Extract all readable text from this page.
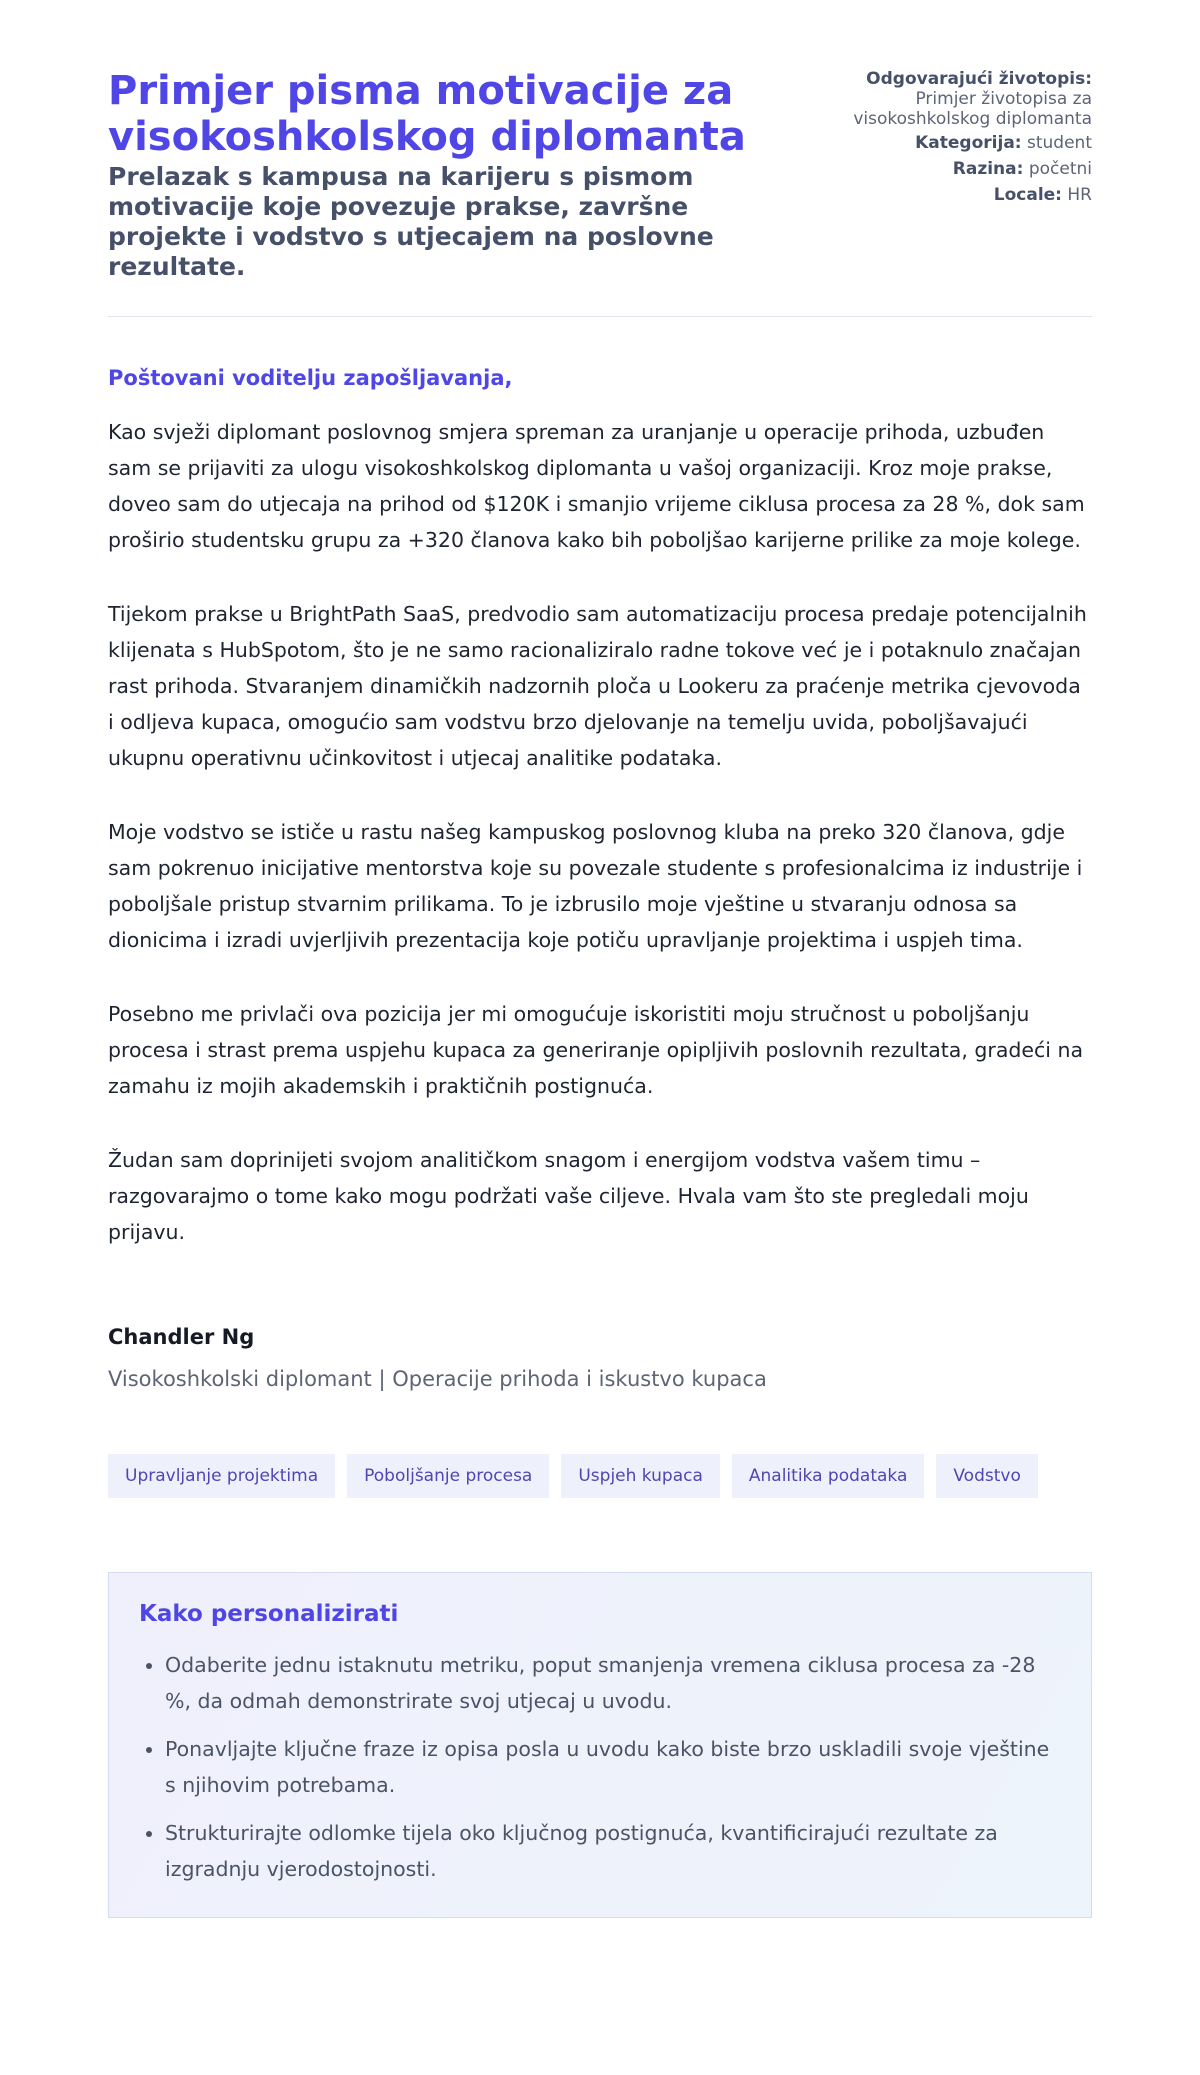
Primjer pisma motivacije za visokoshkolskog diplomanta

Prelazak s kampusa na karijeru s pismom motivacije koje povezuje prakse, završne projekte i vodstvo s utjecajem na poslovne rezultate.

Odgovarajući životopis:
Primjer životopisa za visokoshkolskog diplomanta
Kategorija: student
Razina: početni
Locale: HR

Poštovani voditelju zapošljavanja,

Kao svježi diplomant poslovnog smjera spreman za uranjanje u operacije prihoda, uzbuđen sam se prijaviti za ulogu visokoshkolskog diplomanta u vašoj organizaciji. Kroz moje prakse, doveo sam do utjecaja na prihod od $120K i smanjio vrijeme ciklusa procesa za 28 %, dok sam proširio studentsku grupu za +320 članova kako bih poboljšao karijerne prilike za moje kolege.

Tijekom prakse u BrightPath SaaS, predvodio sam automatizaciju procesa predaje potencijalnih klijenata s HubSpotom, što je ne samo racionaliziralo radne tokove već je i potaknulo značajan rast prihoda. Stvaranjem dinamičkih nadzornih ploča u Lookeru za praćenje metrika cjevovoda i odljeva kupaca, omogućio sam vodstvu brzo djelovanje na temelju uvida, poboljšavajući ukupnu operativnu učinkovitost i utjecaj analitike podataka.

Moje vodstvo se ističe u rastu našeg kampuskog poslovnog kluba na preko 320 članova, gdje sam pokrenuo inicijative mentorstva koje su povezale studente s profesionalcima iz industrije i poboljšale pristup stvarnim prilikama. To je izbrusilo moje vještine u stvaranju odnosa sa dionicima i izradi uvjerljivih prezentacija koje potiču upravljanje projektima i uspjeh tima.

Posebno me privlači ova pozicija jer mi omogućuje iskoristiti moju stručnost u poboljšanju procesa i strast prema uspjehu kupaca za generiranje opipljivih poslovnih rezultata, gradeći na zamahu iz mojih akademskih i praktičnih postignuća.

Žudan sam doprinijeti svojom analitičkom snagom i energijom vodstva vašem timu – razgovarajmo o tome kako mogu podržati vaše ciljeve. Hvala vam što ste pregledali moju prijavu.

Chandler Ng

Visokoshkolski diplomant | Operacije prihoda i iskustvo kupaca

Upravljanje projektima	Poboljšanje procesa	Uspjeh kupaca	Analitika podataka	Vodstvo
Kako personalizirati
• Odaberite jednu istaknutu metriku, poput smanjenja vremena ciklusa procesa za -28 %, da odmah demonstrirate svoj utjecaj u uvodu.
• Ponavljajte ključne fraze iz opisa posla u uvodu kako biste brzo uskladili svoje vještine s njihovim potrebama.
• Strukturirajte odlomke tijela oko ključnog postignuća, kvantificirajući rezultate za izgradnju vjerodostojnosti.
